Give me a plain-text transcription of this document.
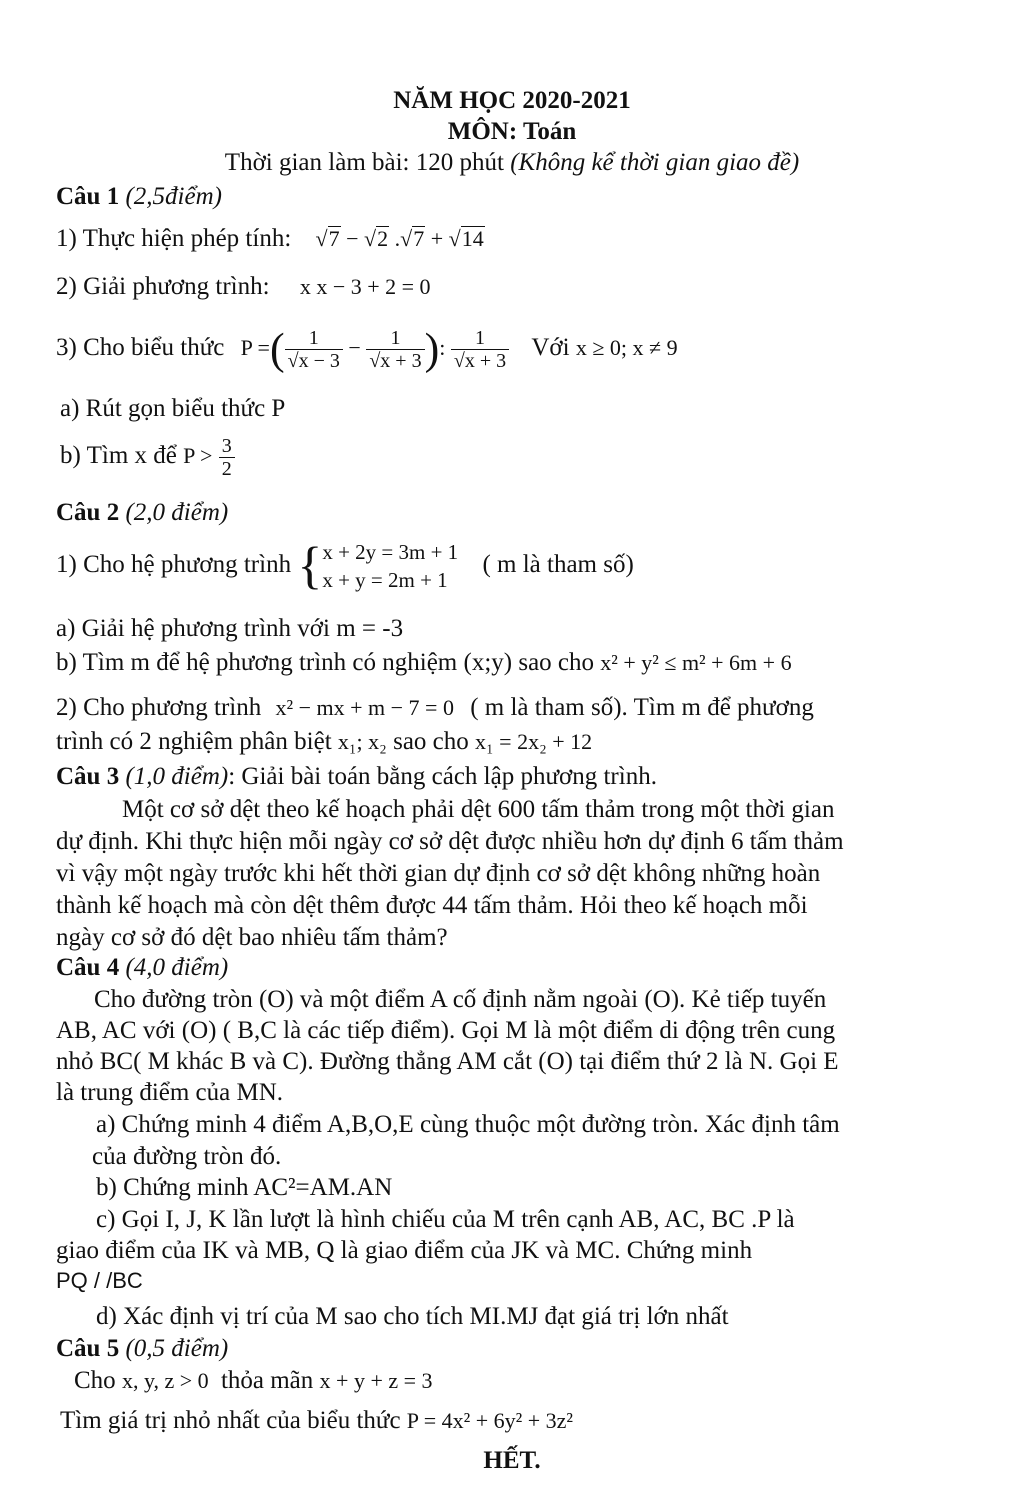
NĂM HỌC 2020-2021
MÔN: Toán
Thời gian làm bài: 120 phút (Không kể thời gian giao đề)
Câu 1 (2,5điểm)
1) Thực hiện phép tính: √7 − √2 .√7 + √14
2) Giải phương trình: x x − 3 + 2 = 0
3) Cho biểu thức P =( $\frac{1}{√x - 3} - \frac{1}{√x + 3}$ ): $\frac{1}{√x + 3}$ Với x ≥ 0; x ≠ 9
a) Rút gọn biểu thức P
b) Tìm x để $P > \frac{3}{2}$
Câu 2 (2,0 điểm)
1) Cho hệ phương trình { x + 2y = 3m + 1
x + y = 2m + 1
( m là tham số)
a) Giải hệ phương trình với m = -3
b) Tìm m để hệ phương trình có nghiệm (x;y) sao cho x² + y² ≤ m² + 6m + 6
2) Cho phương trình x² − mx + m − 7 = 0 ( m là tham số). Tìm m để phương
trình có 2 nghiệm phân biệt x₁; x₂ sao cho x₁ = 2x₂ + 12
Câu 3 (1,0 điểm): Giải bài toán bằng cách lập phương trình.
Một cơ sở dệt theo kế hoạch phải dệt 600 tấm thảm trong một thời gian
dự định. Khi thực hiện mỗi ngày cơ sở dệt được nhiều hơn dự định 6 tấm thảm
vì vậy một ngày trước khi hết thời gian dự định cơ sở dệt không những hoàn
thành kế hoạch mà còn dệt thêm được 44 tấm thảm. Hỏi theo kế hoạch mỗi
ngày cơ sở đó dệt bao nhiêu tấm thảm?
Câu 4 (4,0 điểm)
Cho đường tròn (O) và một điểm A cố định nằm ngoài (O). Kẻ tiếp tuyến
AB, AC với (O) ( B,C là các tiếp điểm). Gọi M là một điểm di động trên cung
nhỏ BC( M khác B và C). Đường thẳng AM cắt (O) tại điểm thứ 2 là N. Gọi E
là trung điểm của MN.
a) Chứng minh 4 điểm A,B,O,E cùng thuộc một đường tròn. Xác định tâm
của đường tròn đó.
b) Chứng minh AC²=AM.AN
c) Gọi I, J, K lần lượt là hình chiếu của M trên cạnh AB, AC, BC .P là
giao điểm của IK và MB, Q là giao điểm của JK và MC. Chứng minh
PQ / /BC
d) Xác định vị trí của M sao cho tích MI.MJ đạt giá trị lớn nhất
Câu 5 (0,5 điểm)
Cho x, y, z > 0 thỏa mãn x + y + z = 3
Tìm giá trị nhỏ nhất của biểu thức P = 4x² + 6y² + 3z²
HẾT.
